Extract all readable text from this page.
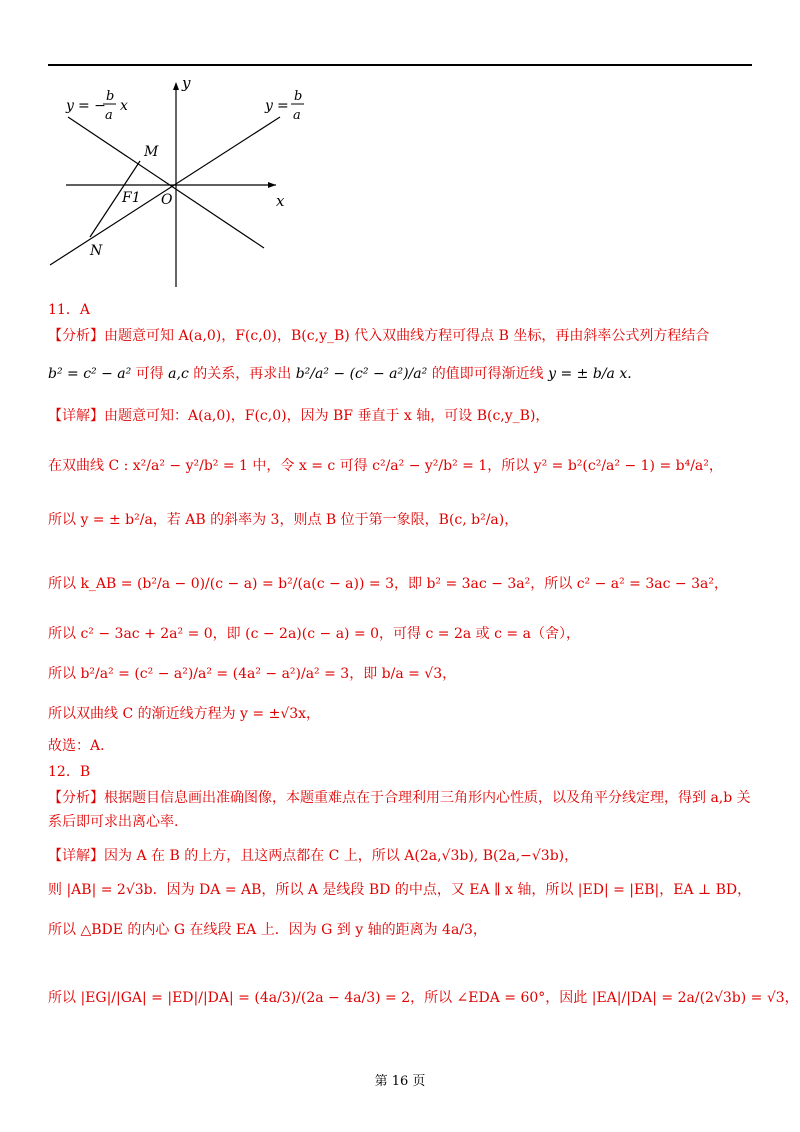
y = −
b
a
x	y =
b
a
y
x
M
F1 O
N
11．A
【分析】由题意可知 A(a,0)，F(c,0)，B(c,y_B) 代入双曲线方程可得点 B 坐标，再由斜率公式列方程结合
b² = c² − a² 可得 a,c 的关系，再求出 b²/a² − (c² − a²)/a² 的值即可得渐近线 y = ± b/a x.
【详解】由题意可知：A(a,0)，F(c,0)，因为 BF 垂直于 x 轴，可设 B(c,y_B)，
在双曲线 C : x²/a² − y²/b² = 1 中，令 x = c 可得 c²/a² − y²/b² = 1，所以 y² = b²(c²/a² − 1) = b⁴/a²，
所以 y = ± b²/a，若 AB 的斜率为 3，则点 B 位于第一象限，B(c, b²/a)，
所以 k_AB = (b²/a − 0)/(c − a) = b²/(a(c − a)) = 3，即 b² = 3ac − 3a²，所以 c² − a² = 3ac − 3a²，
所以 c² − 3ac + 2a² = 0，即 (c − 2a)(c − a) = 0，可得 c = 2a 或 c = a（舍），
所以 b²/a² = (c² − a²)/a² = (4a² − a²)/a² = 3，即 b/a = √3，
所以双曲线 C 的渐近线方程为 y = ±√3x，
故选：A.
12．B
【分析】根据题目信息画出准确图像，本题重难点在于合理利用三角形内心性质，以及角平分线定理，得到 a,b 关
系后即可求出离心率.
【详解】因为 A 在 B 的上方，且这两点都在 C 上，所以 A(2a,√3b), B(2a,−√3b)，
则 |AB| = 2√3b．因为 DA = AB，所以 A 是线段 BD 的中点，又 EA ∥ x 轴，所以 |ED| = |EB|，EA ⊥ BD，
所以 △BDE 的内心 G 在线段 EA 上．因为 G 到 y 轴的距离为 4a/3，
所以 |EG|/|GA| = |ED|/|DA| = (4a/3)/(2a − 4a/3) = 2，所以 ∠EDA = 60°，因此 |EA|/|DA| = 2a/(2√3b) = √3，
第 16 页
